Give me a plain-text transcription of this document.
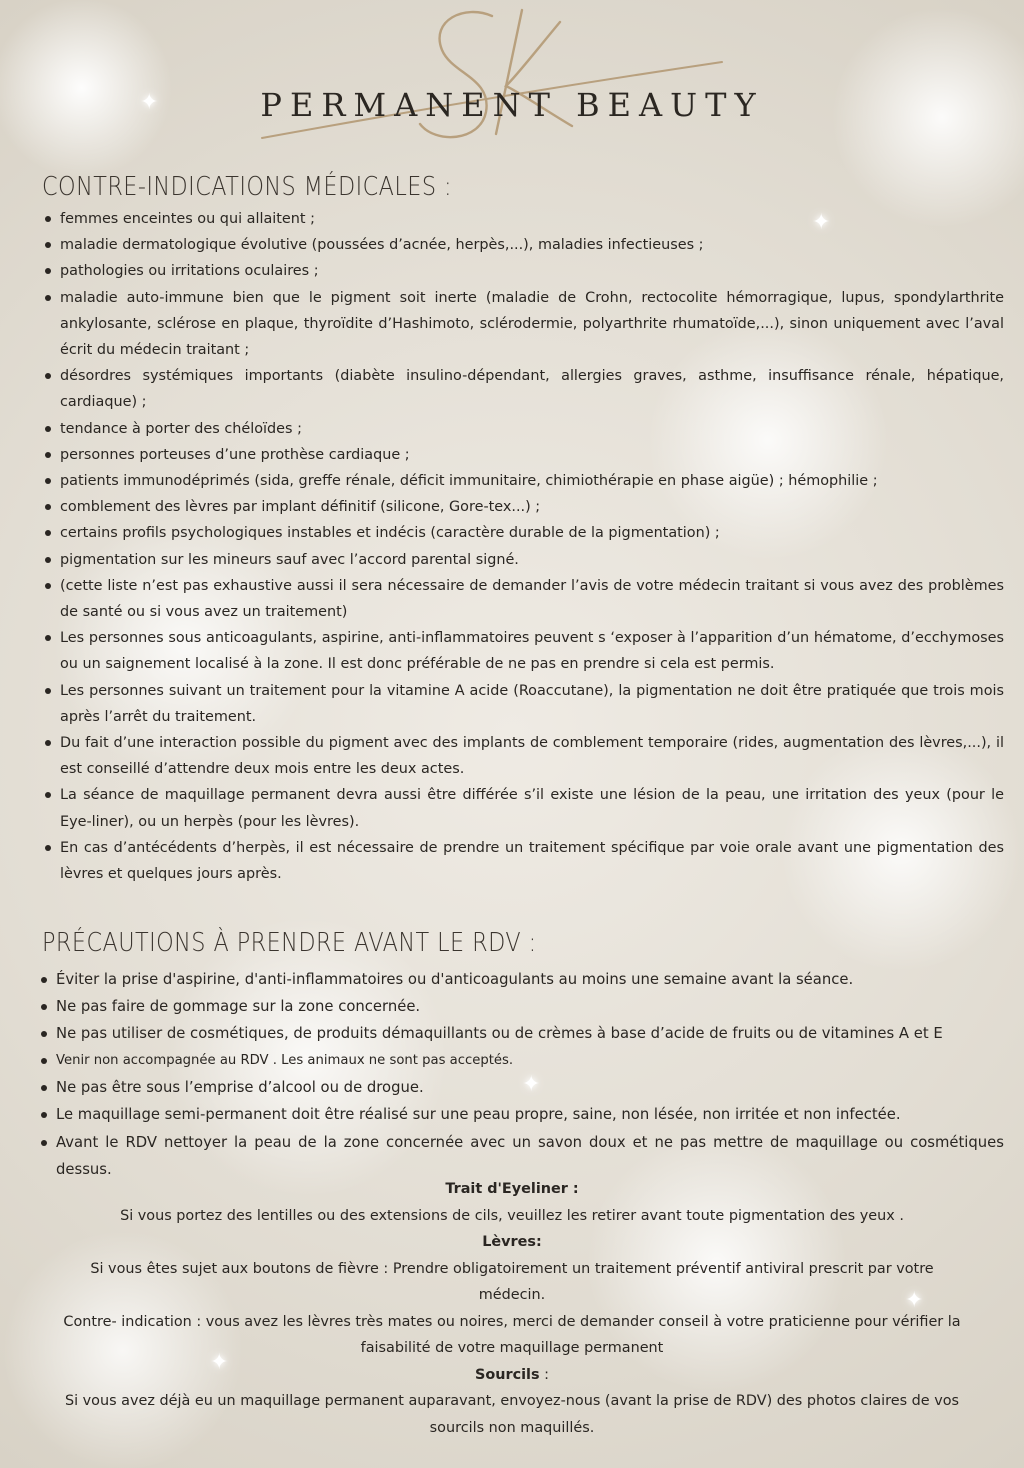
✦
✦
✦
✦
✦
PERMANENT BEAUTY
CONTRE-INDICATIONS MÉDICALES :
femmes enceintes ou qui allaitent ;
maladie dermatologique évolutive (poussées d’acnée, herpès,...), maladies infectieuses ;
pathologies ou irritations oculaires ;
maladie auto-immune bien que le pigment soit inerte (maladie de Crohn, rectocolite hémorragique, lupus, spondylarthrite ankylosante, sclérose en plaque, thyroïdite d’Hashimoto, sclérodermie, polyarthrite rhumatoïde,...), sinon uniquement avec l’aval écrit du médecin traitant ;
désordres systémiques importants (diabète insulino-dépendant, allergies graves, asthme, insuffisance rénale, hépatique, cardiaque) ;
tendance à porter des chéloïdes ;
personnes porteuses d’une prothèse cardiaque ;
patients immunodéprimés (sida, greffe rénale, déficit immunitaire, chimiothérapie en phase aigüe) ; hémophilie ;
comblement des lèvres par implant définitif (silicone, Gore-tex...) ;
certains profils psychologiques instables et indécis (caractère durable de la pigmentation) ;
pigmentation sur les mineurs sauf avec l’accord parental signé.
(cette liste n’est pas exhaustive aussi il sera nécessaire de demander l’avis de votre médecin traitant si vous avez des problèmes de santé ou si vous avez un traitement)
Les personnes sous anticoagulants, aspirine, anti-inflammatoires peuvent s ‘exposer à l’apparition d’un hématome, d’ecchymoses ou un saignement localisé à la zone. Il est donc préférable de ne pas en prendre si cela est permis.
Les personnes suivant un traitement pour la vitamine A acide (Roaccutane), la pigmentation ne doit être pratiquée que trois mois après l’arrêt du traitement.
Du fait d’une interaction possible du pigment avec des implants de comblement temporaire (rides, augmentation des lèvres,...), il est conseillé d’attendre deux mois entre les deux actes.
La séance de maquillage permanent devra aussi être différée s’il existe une lésion de la peau, une irritation des yeux (pour le Eye-liner), ou un herpès (pour les lèvres).
En cas d’antécédents d’herpès, il est nécessaire de prendre un traitement spécifique par voie orale avant une pigmentation des lèvres et quelques jours après.
PRÉCAUTIONS À PRENDRE AVANT LE RDV :
Éviter la prise d'aspirine, d'anti-inflammatoires ou d'anticoagulants au moins une semaine avant la séance.
Ne pas faire de gommage sur la zone concernée.
Ne pas utiliser de cosmétiques, de produits démaquillants ou de crèmes à base d’acide de fruits ou de vitamines A et E
Venir non accompagnée au RDV . Les animaux ne sont pas acceptés.
Ne pas être sous l’emprise d’alcool ou de drogue.
Le maquillage semi-permanent doit être réalisé sur une peau propre, saine, non lésée, non irritée et non infectée.
Avant le RDV nettoyer la peau de la zone concernée avec un savon doux et ne pas mettre de maquillage ou cosmétiques dessus.

Trait d'Eyeliner :

Si vous portez des lentilles ou des extensions de cils, veuillez les retirer avant toute pigmentation des yeux .

Lèvres:

Si vous êtes sujet aux boutons de fièvre : Prendre obligatoirement un traitement préventif antiviral prescrit par votre médecin.

Contre- indication : vous avez les lèvres très mates ou noires, merci de demander conseil à votre praticienne pour vérifier la faisabilité de votre maquillage permanent

Sourcils :

Si vous avez déjà eu un maquillage permanent auparavant, envoyez-nous (avant la prise de RDV) des photos claires de vos sourcils non maquillés.
